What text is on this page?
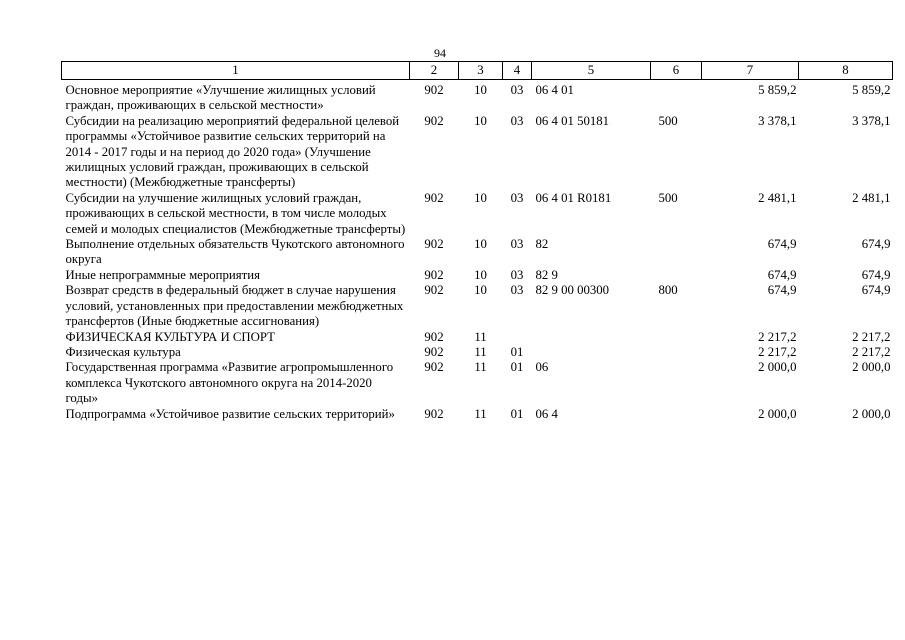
94
1	2	3	4	5	6	7	8
Основное мероприятие «Улучшение жилищных условий граждан, проживающих в сельской местности»	902	10	03	06 4 01		5 859,2	5 859,2
Субсидии на реализацию мероприятий федеральной целевой программы «Устойчивое развитие сельских территорий на 2014 - 2017 годы и на период до 2020 года» (Улучшение жилищных условий граждан, проживающих в сельской местности) (Межбюджетные трансферты)	902	10	03	06 4 01 50181	500	3 378,1	3 378,1
Субсидии на улучшение жилищных условий граждан, проживающих в сельской местности, в том числе молодых семей и молодых специалистов (Межбюджетные трансферты)	902	10	03	06 4 01 R0181	500	2 481,1	2 481,1
Выполнение отдельных обязательств Чукотского автономного округа	902	10	03	82		674,9	674,9
Иные непрограммные мероприятия	902	10	03	82 9		674,9	674,9
Возврат средств в федеральный бюджет в случае нарушения условий, установленных при предоставлении межбюджетных трансфертов (Иные бюджетные ассигнования)	902	10	03	82 9 00 00300	800	674,9	674,9
ФИЗИЧЕСКАЯ КУЛЬТУРА И СПОРТ	902	11				2 217,2	2 217,2
Физическая культура	902	11	01			2 217,2	2 217,2
Государственная программа «Развитие агропромышленного комплекса Чукотского автономного округа на 2014-2020 годы»	902	11	01	06		2 000,0	2 000,0
Подпрограмма «Устойчивое развитие сельских территорий»	902	11	01	06 4		2 000,0	2 000,0
